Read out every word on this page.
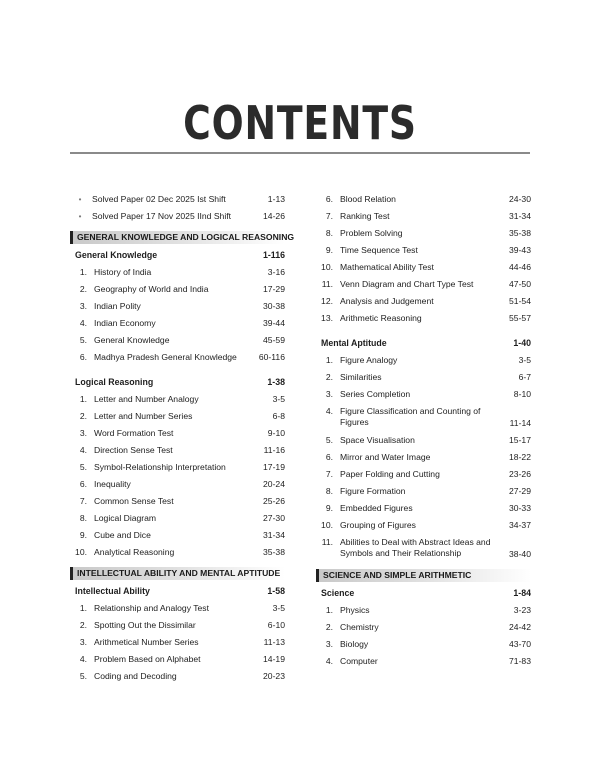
CONTENTS
•	Solved Paper 02 Dec 2025 Ist Shift	1-13
•	Solved Paper 17 Nov 2025 IInd Shift	14-26
GENERAL KNOWLEDGE AND LOGICAL REASONING
General Knowledge	1-116
1. History of India	3-16
2. Geography of World and India	17-29
3. Indian Polity	30-38
4. Indian Economy	39-44
5. General Knowledge	45-59
6. Madhya Pradesh General Knowledge	60-116
Logical Reasoning	1-38
1. Letter and Number Analogy	3-5
2. Letter and Number Series	6-8
3. Word Formation Test	9-10
4. Direction Sense Test	11-16
5. Symbol-Relationship Interpretation	17-19
6. Inequality	20-24
7. Common Sense Test	25-26
8. Logical Diagram	27-30
9. Cube and Dice	31-34
10. Analytical Reasoning	35-38
INTELLECTUAL ABILITY AND MENTAL APTITUDE
Intellectual Ability	1-58
1. Relationship and Analogy Test	3-5
2. Spotting Out the Dissimilar	6-10
3. Arithmetical Number Series	11-13
4. Problem Based on Alphabet	14-19
5. Coding and Decoding	20-23
6. Blood Relation	24-30
7. Ranking Test	31-34
8. Problem Solving	35-38
9. Time Sequence Test	39-43
10. Mathematical Ability Test	44-46
11. Venn Diagram and Chart Type Test	47-50
12. Analysis and Judgement	51-54
13. Arithmetic Reasoning	55-57
Mental Aptitude	1-40
1. Figure Analogy	3-5
2. Similarities	6-7
3. Series Completion	8-10
4. Figure Classification and Counting of Figures	11-14
5. Space Visualisation	15-17
6. Mirror and Water Image	18-22
7. Paper Folding and Cutting	23-26
8. Figure Formation	27-29
9. Embedded Figures	30-33
10. Grouping of Figures	34-37
11. Abilities to Deal with Abstract Ideas and Symbols and Their Relationship	38-40
SCIENCE AND SIMPLE ARITHMETIC
Science	1-84
1. Physics	3-23
2. Chemistry	24-42
3. Biology	43-70
4. Computer	71-83
